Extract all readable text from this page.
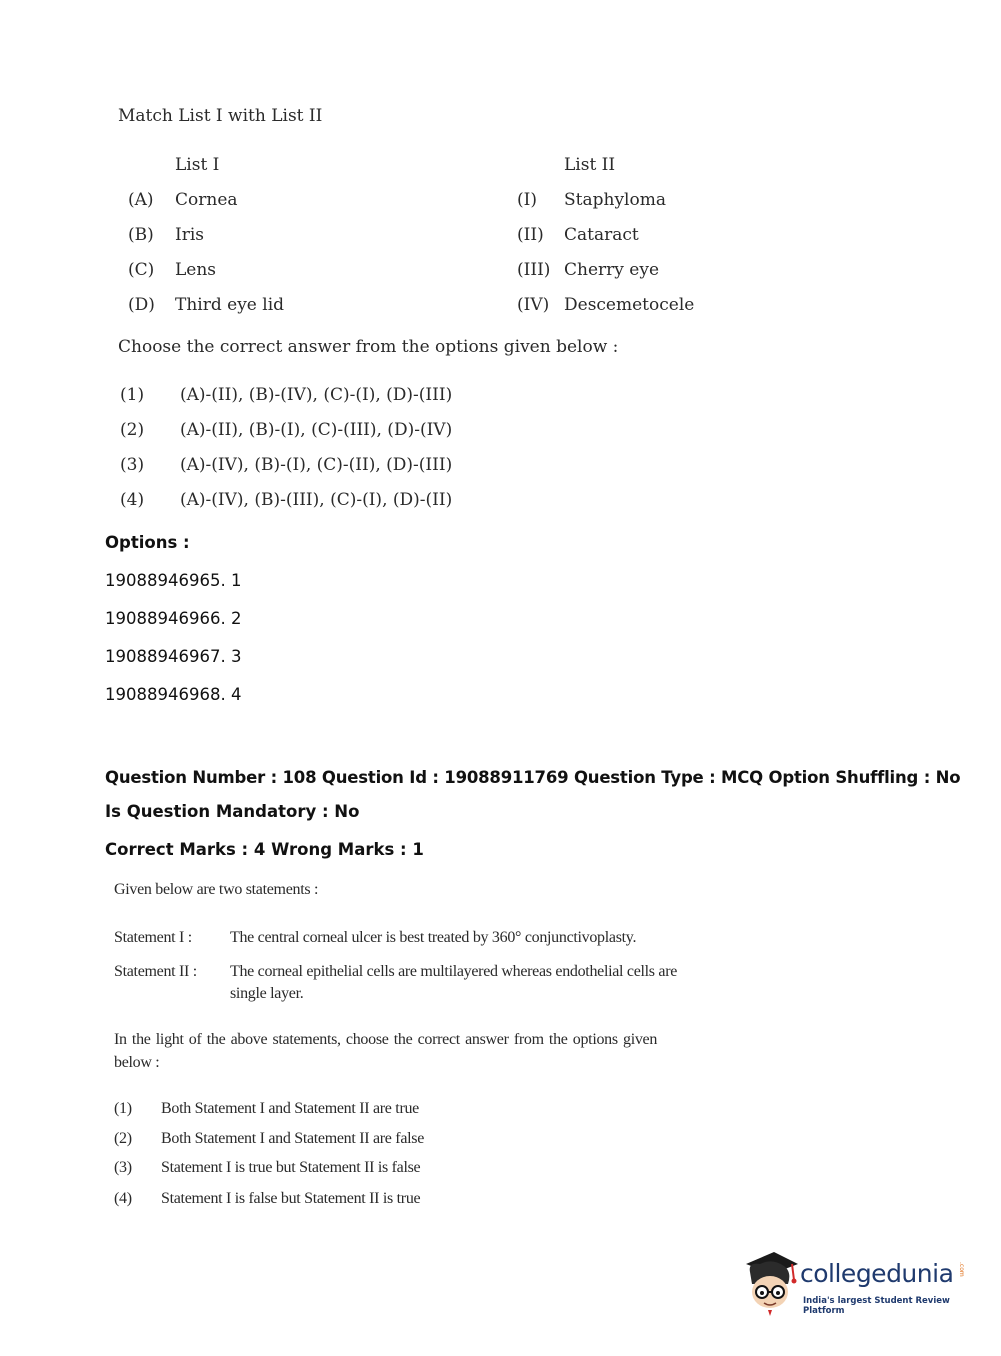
Match List I with List II
List I	List II
(A) Cornea	(I) Staphyloma
(B) Iris	(II) Cataract
(C) Lens	(III) Cherry eye
(D) Third eye lid	(IV) Descemetocele
Choose the correct answer from the options given below :
(1) (A)-(II), (B)-(IV), (C)-(I), (D)-(III)
(2) (A)-(II), (B)-(I), (C)-(III), (D)-(IV)
(3) (A)-(IV), (B)-(I), (C)-(II), (D)-(III)
(4) (A)-(IV), (B)-(III), (C)-(I), (D)-(II)
Options :
19088946965. 1
19088946966. 2
19088946967. 3
19088946968. 4
Question Number : 108 Question Id : 19088911769 Question Type : MCQ Option Shuffling : No
Is Question Mandatory : No
Correct Marks : 4 Wrong Marks : 1
Given below are two statements :
Statement I : The central corneal ulcer is best treated by 360° conjunctivoplasty.
Statement II : The corneal epithelial cells are multilayered whereas endothelial cells are
single layer.
In the light of the above statements, choose the correct answer from the options given
below :
(1) Both Statement I and Statement II are true
(2) Both Statement I and Statement II are false
(3) Statement I is true but Statement II is false
(4) Statement I is false but Statement II is true
collegedunia .com
India's largest Student Review Platform
